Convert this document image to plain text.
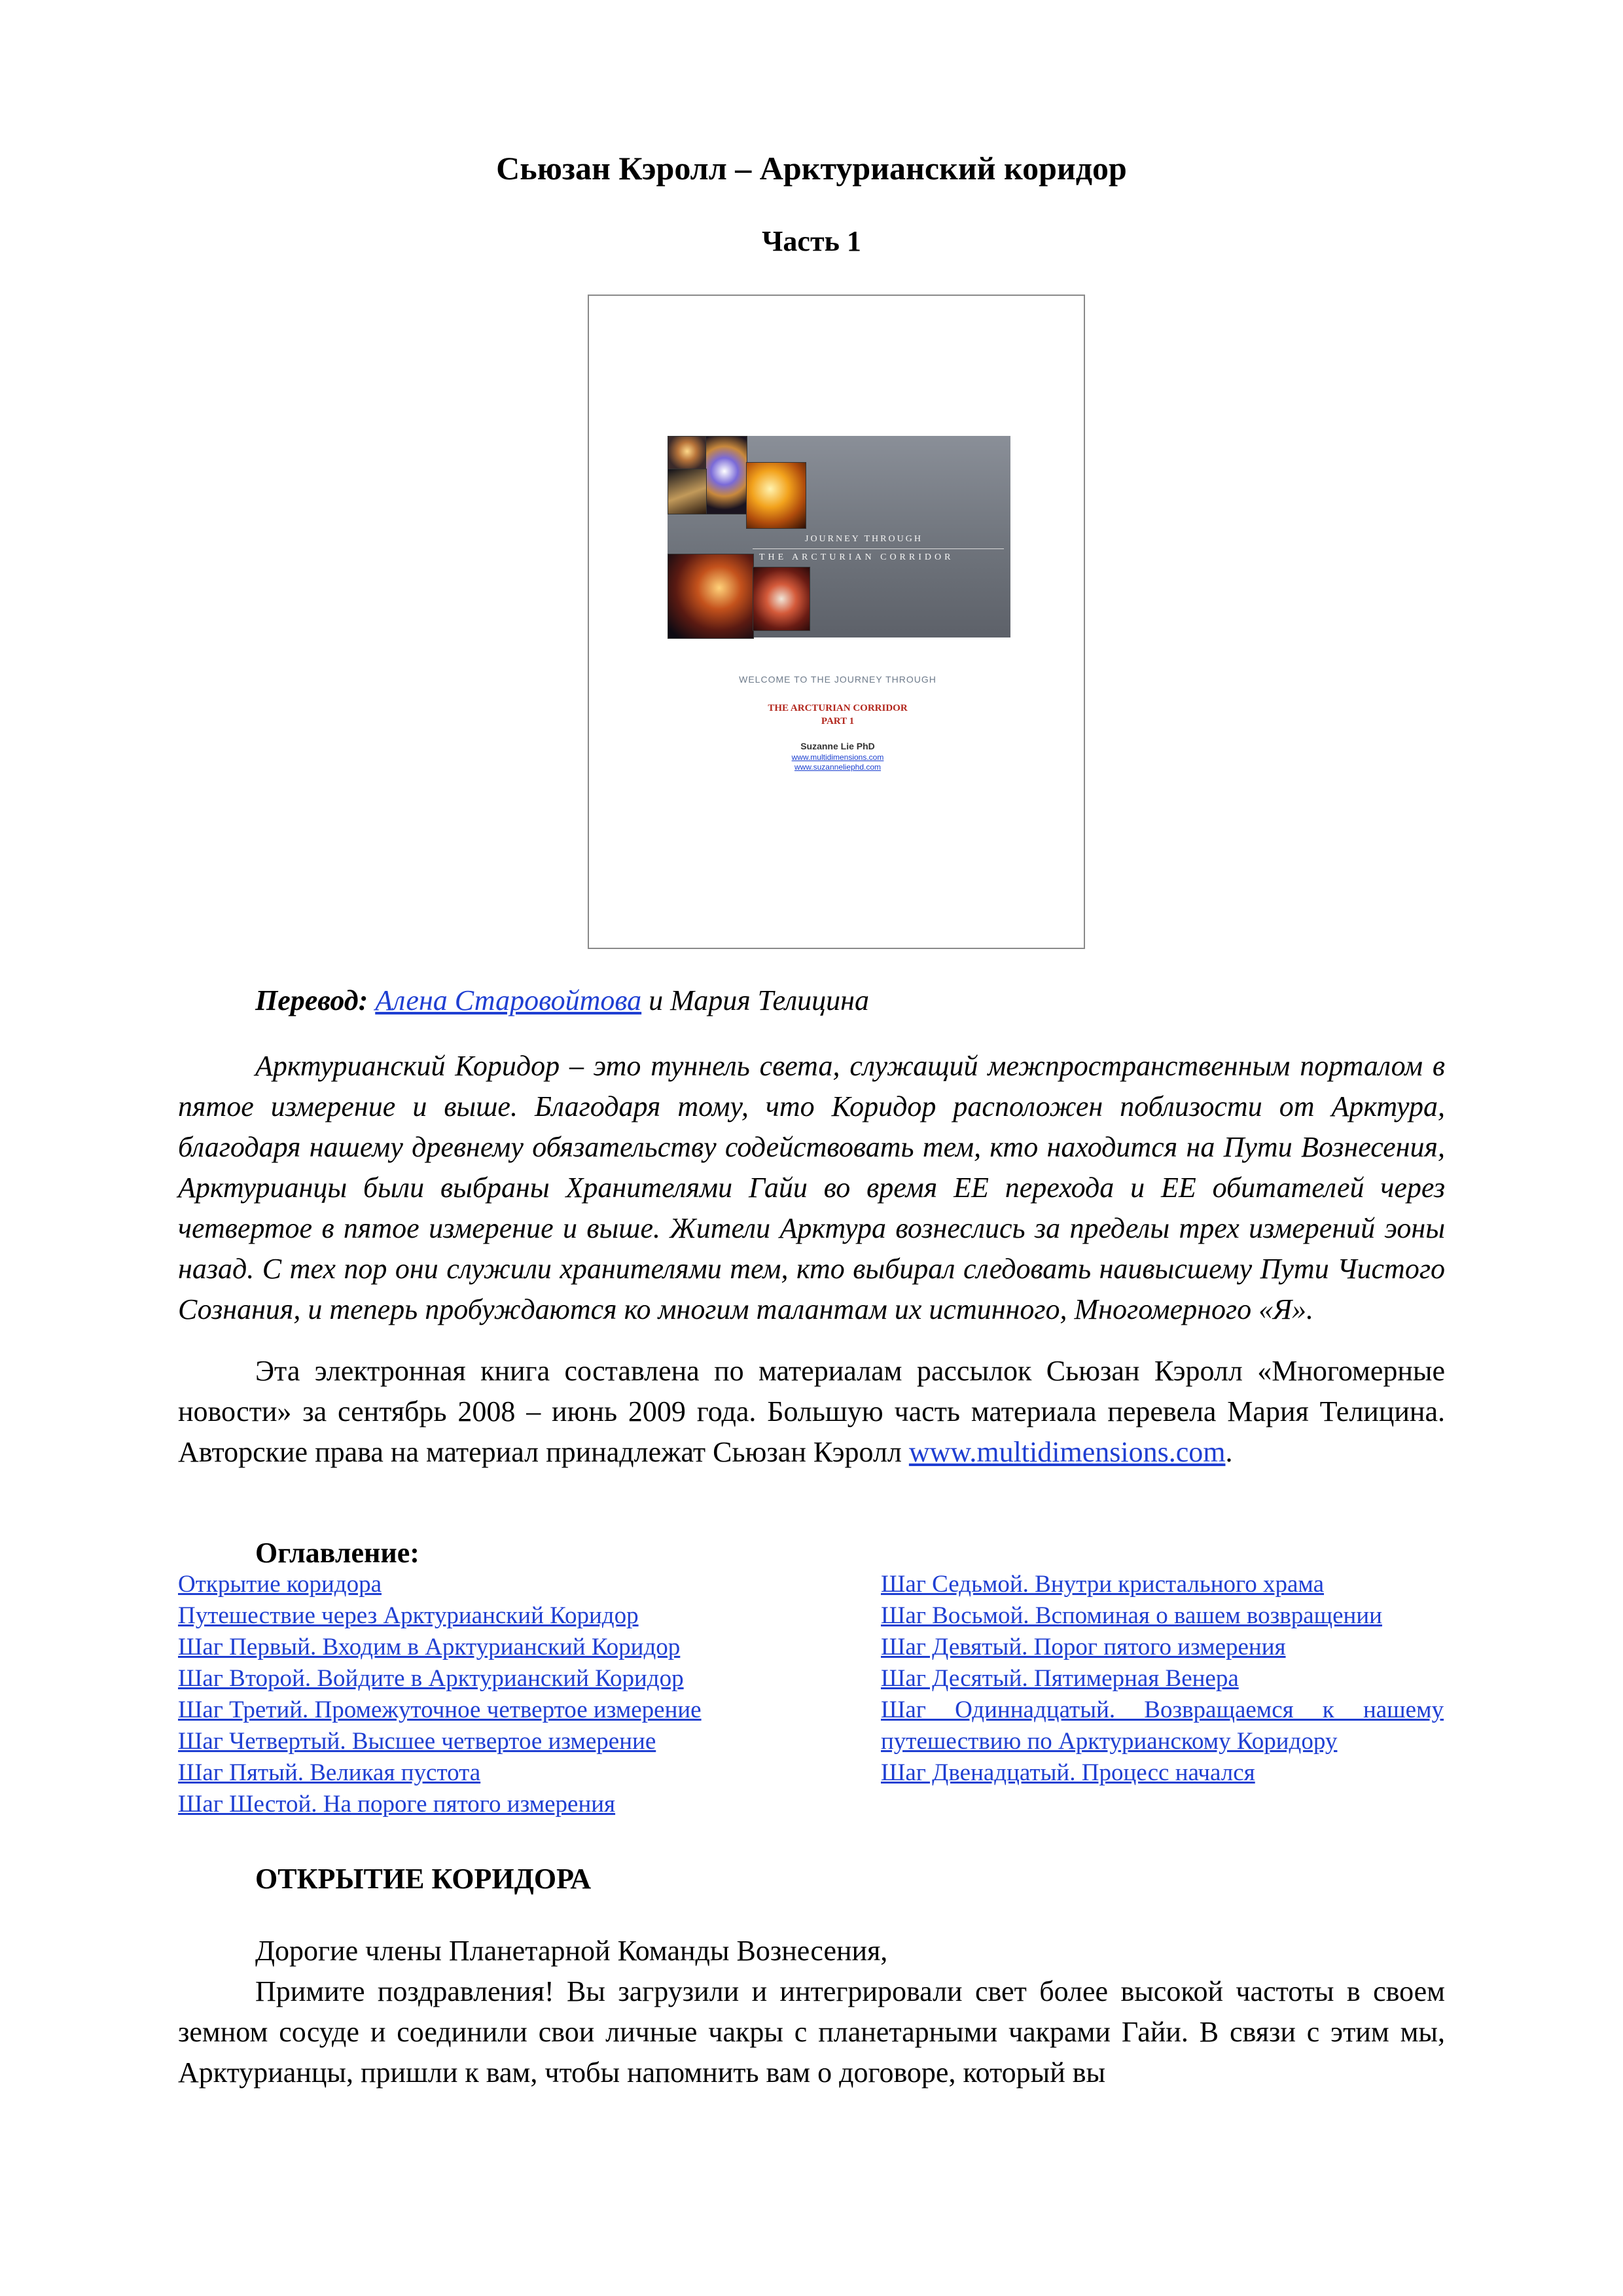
Сьюзан Кэролл – Арктурианский коридор
Часть 1
JOURNEY THROUGH
THE ARCTURIAN CORRIDOR
WELCOME TO THE JOURNEY THROUGH
THE ARCTURIAN CORRIDOR
PART 1
Suzanne Lie PhD
www.multidimensions.com
www.suzanneliephd.com
Перевод: Алена Старовойтова и Мария Телицина
Арктурианский Коридор – это туннель света, служащий межпространственным порталом в пятое измерение и выше. Благодаря тому, что Коридор расположен поблизости от Арктура, благодаря нашему древнему обязательству содействовать тем, кто находится на Пути Вознесения, Арктурианцы были выбраны Хранителями Гайи во время ЕЕ перехода и ЕЕ обитателей через четвертое в пятое измерение и выше. Жители Арктура вознеслись за пределы трех измерений эоны назад. С тех пор они служили хранителями тем, кто выбирал следовать наивысшему Пути Чистого Сознания, и теперь пробуждаются ко многим талантам их истинного, Многомерного «Я».
Эта электронная книга составлена по материалам рассылок Сьюзан Кэролл «Многомерные новости» за сентябрь 2008 – июнь 2009 года. Большую часть материала перевела Мария Телицина. Авторские права на материал принадлежат Сьюзан Кэролл www.multidimensions.com.
Оглавление:
Открытие коридора
Путешествие через Арктурианский Коридор
Шаг Первый. Входим в Арктурианский Коридор
Шаг Второй. Войдите в Арктурианский Коридор
Шаг Третий. Промежуточное четвертое измерение
Шаг Четвертый. Высшее четвертое измерение
Шаг Пятый. Великая пустота
Шаг Шестой. На пороге пятого измерения
Шаг Седьмой. Внутри кристального храма
Шаг Восьмой. Вспоминая о вашем возвращении
Шаг Девятый. Порог пятого измерения
Шаг Десятый. Пятимерная Венера
Шаг Одиннадцатый. Возвращаемся к нашему путешествию по Арктурианскому Коридору
Шаг Двенадцатый. Процесс начался
ОТКРЫТИЕ КОРИДОРА
Дорогие члены Планетарной Команды Вознесения,
Примите поздравления! Вы загрузили и интегрировали свет более высокой частоты в своем земном сосуде и соединили свои личные чакры с планетарными чакрами Гайи. В связи с этим мы, Арктурианцы, пришли к вам, чтобы напомнить вам о договоре, который вы
